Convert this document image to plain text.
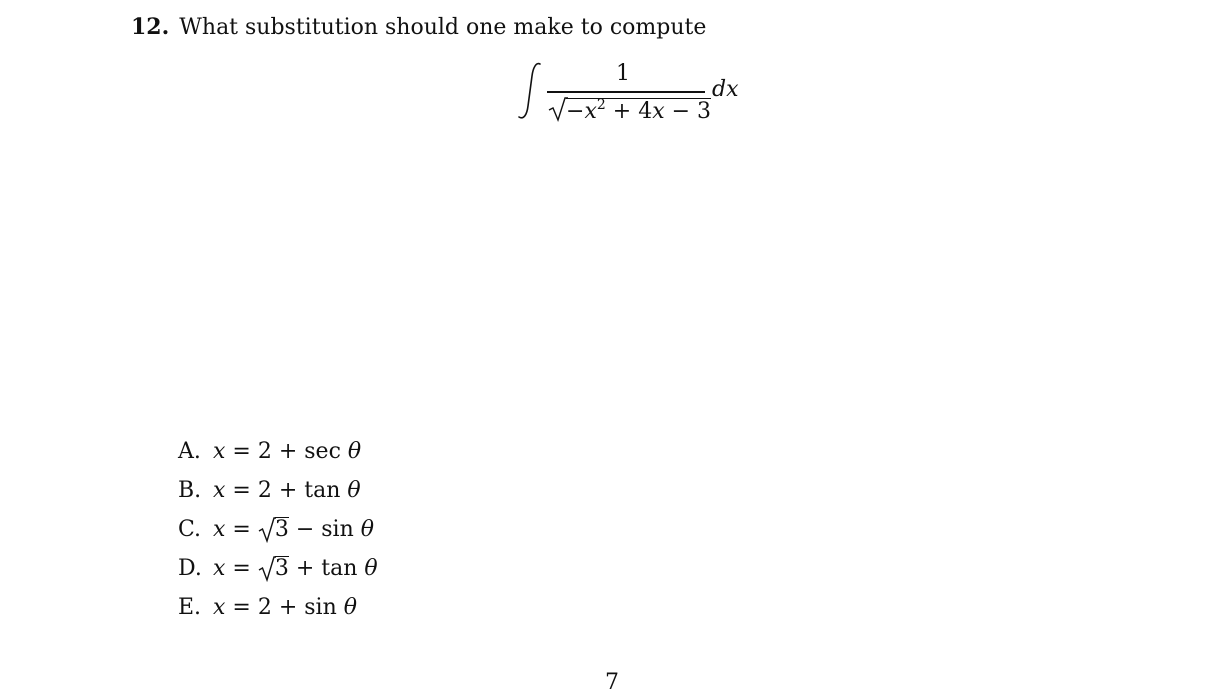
12. What substitution should one make to compute
1
$-x^2 + 4x - 3$
dx
A. x = 2 + sec θ
B. x = 2 + tan θ
C. x =
3 − sin θ
D. x =
3 + tan θ
E. x = 2 + sin θ
7
